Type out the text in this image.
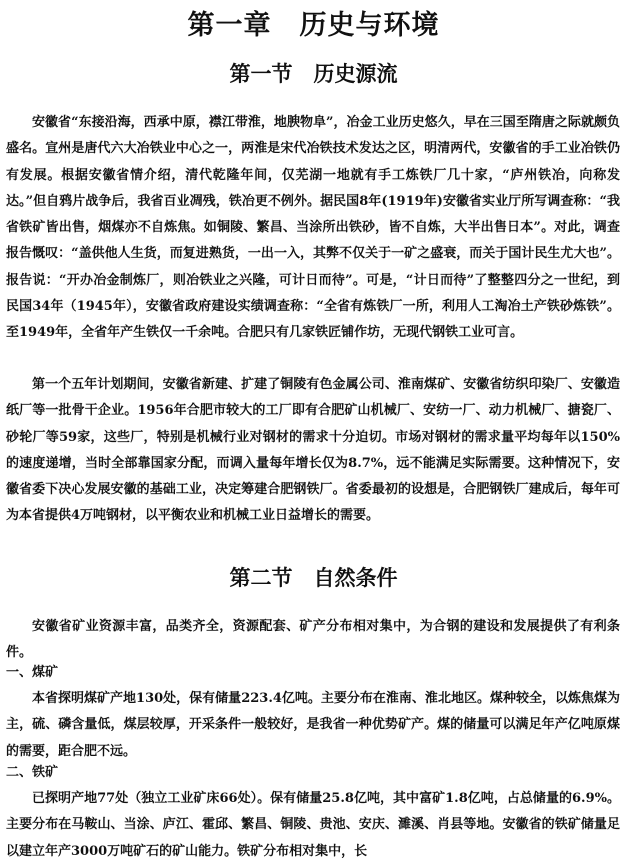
第一章　历史与环境
第一节　历史源流

安徽省“东接沿海，西承中原，襟江带淮，地腴物阜”，冶金工业历史悠久，早在三国至隋唐之际就颇负盛名。宣州是唐代六大冶铁业中心之一，两淮是宋代冶铁技术发达之区，明清两代，安徽省的手工业冶铁仍有发展。根据安徽省情介绍，清代乾隆年间，仅芜湖一地就有手工炼铁厂几十家，“庐州铁冶，向称发达。”但自鸦片战争后，我省百业凋残，铁冶更不例外。据民国8年(1919年)安徽省实业厅所写调查称：“我省铁矿皆出售，烟煤亦不自炼焦。如铜陵、繁昌、当涂所出铁砂，皆不自炼，大半出售日本”。对此，调查报告慨叹：“盖供他人生货，而复进熟货，一出一入，其弊不仅关于一矿之盛衰，而关于国计民生尤大也”。报告说：“开办冶金制炼厂，则冶铁业之兴隆，可计日而待”。可是，“计日而待”了整整四分之一世纪，到民国34年（1945年），安徽省政府建设实绩调查称：“全省有炼铁厂一所，利用人工淘冶土产铁砂炼铁”。至1949年，全省年产生铁仅一千余吨。合肥只有几家铁匠铺作坊，无现代钢铁工业可言。

第一个五年计划期间，安徽省新建、扩建了铜陵有色金属公司、淮南煤矿、安徽省纺织印染厂、安徽造纸厂等一批骨干企业。1956年合肥市较大的工厂即有合肥矿山机械厂、安纺一厂、动力机械厂、搪瓷厂、砂轮厂等59家，这些厂，特别是机械行业对钢材的需求十分迫切。市场对钢材的需求量平均每年以150%的速度递增，当时全部靠国家分配，而调入量每年增长仅为8.7%，远不能满足实际需要。这种情况下，安徽省委下决心发展安徽的基础工业，决定筹建合肥钢铁厂。省委最初的设想是，合肥钢铁厂建成后，每年可为本省提供4万吨钢材，以平衡农业和机械工业日益增长的需要。

第二节　自然条件

安徽省矿业资源丰富，品类齐全，资源配套、矿产分布相对集中，为合钢的建设和发展提供了有利条件。

一、煤矿

本省探明煤矿产地130处，保有储量223.4亿吨。主要分布在淮南、淮北地区。煤种较全，以炼焦煤为主，硫、磷含量低，煤层较厚，开采条件一般较好，是我省一种优势矿产。煤的储量可以满足年产亿吨原煤的需要，距合肥不远。

二、铁矿

已探明产地77处（独立工业矿床66处）。保有储量25.8亿吨，其中富矿1.8亿吨，占总储量的6.9%。主要分布在马鞍山、当涂、庐江、霍邱、繁昌、铜陵、贵池、安庆、濉溪、肖县等地。安徽省的铁矿储量足以建立年产3000万吨矿石的矿山能力。铁矿分布相对集中，长
